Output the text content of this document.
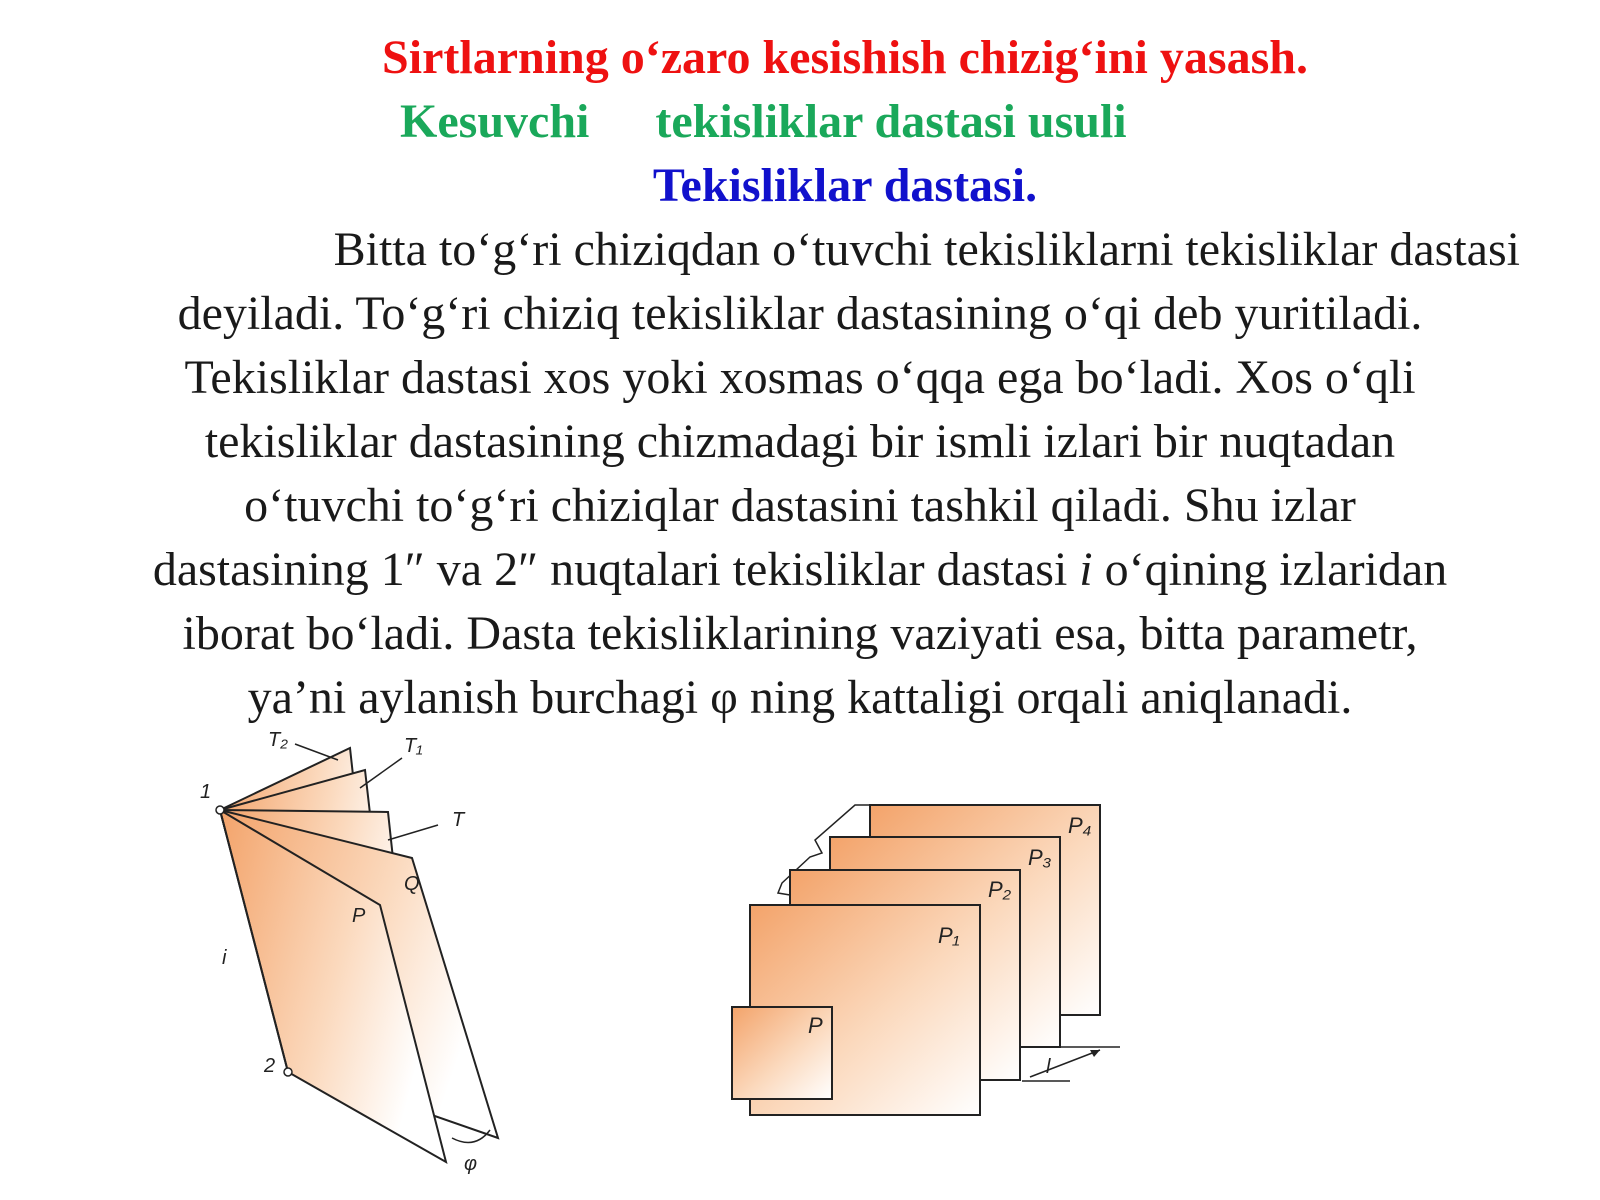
Sirtlarning o‘zaro kesishish chizig‘ini yasash.
Kesuvchi tekisliklar dastasi usuli
Tekisliklar dastasi.

Bitta to‘g‘ri chiziqdan o‘tuvchi tekisliklarni tekisliklar dastasi
deyiladi. To‘g‘ri chiziq tekisliklar dastasining o‘qi deb yuritiladi.
Tekisliklar dastasi xos yoki xosmas o‘qqa ega bo‘ladi. Xos o‘qli
tekisliklar dastasining chizmadagi bir ismli izlari bir nuqtadan
o‘tuvchi to‘g‘ri chiziqlar dastasini tashkil qiladi. Shu izlar
dastasining 1″ va 2″ nuqtalari tekisliklar dastasi i o‘qining izlaridan
iborat bo‘ladi. Dasta tekisliklarining vaziyati esa, bitta parametr,
ya’ni aylanish burchagi φ ning kattaligi orqali aniqlanadi.

T₂	T₁
T
Q
P
i
1
2
φ
P₄
P₃
P₂
P₁
P
l
